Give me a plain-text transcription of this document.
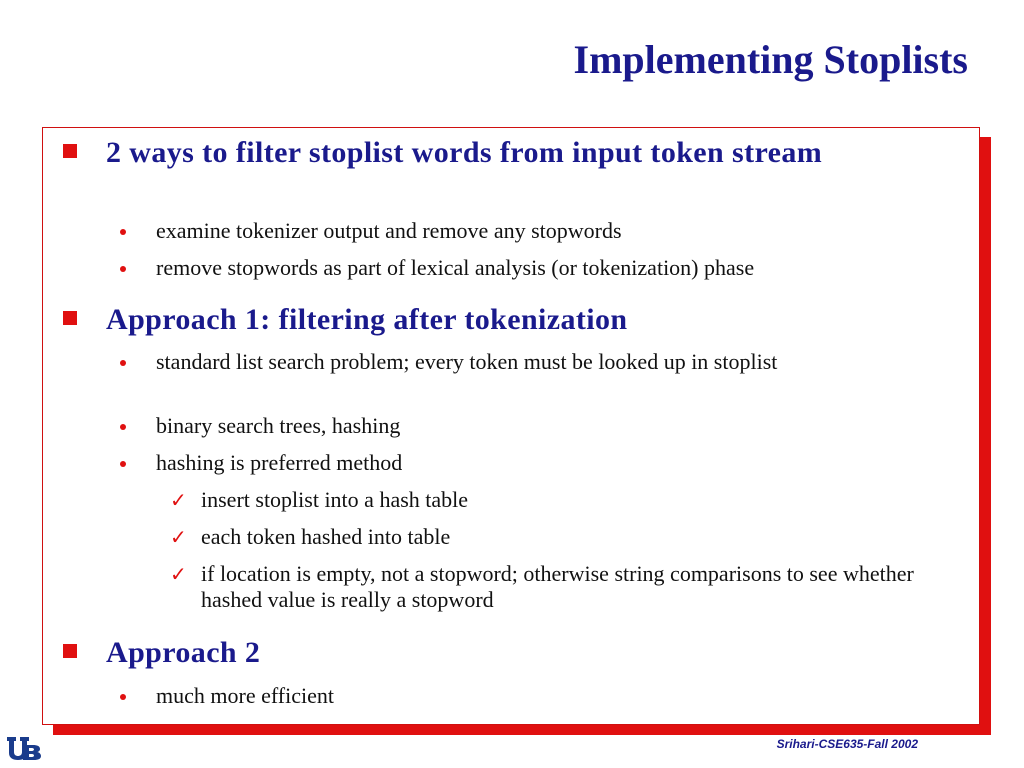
Implementing Stoplists
2 ways to filter stoplist words from input token stream
examine tokenizer output and remove any stopwords
remove stopwords as part of lexical analysis (or tokenization) phase
Approach 1: filtering after tokenization
standard list search problem; every token must be looked up in stoplist
binary search trees, hashing
hashing is preferred method
✓ insert stoplist into a hash table
✓ each token hashed into table
✓ if location is empty, not a stopword; otherwise string comparisons to see whether hashed value is really a stopword
Approach 2
much more efficient
Srihari-CSE635-Fall 2002
